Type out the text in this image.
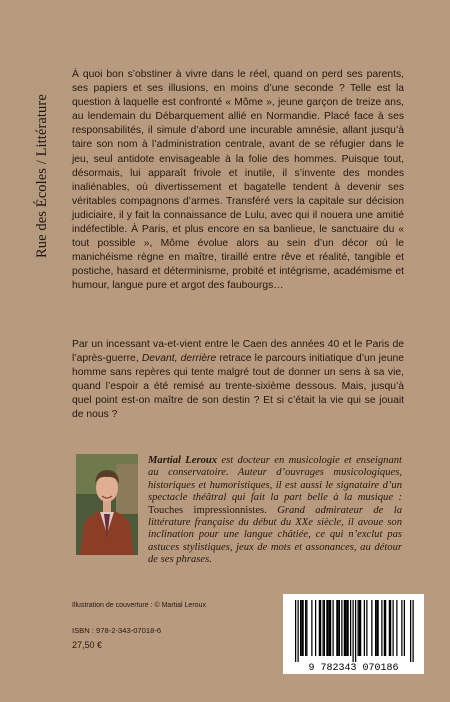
Rue des Écoles / Littérature

À quoi bon s’obstiner à vivre dans le réel, quand on perd ses parents, ses papiers et ses illusions, en moins d’une seconde ? Telle est la question à laquelle est confronté « Môme », jeune garçon de treize ans, au lendemain du Débarquement allié en Normandie. Placé face à ses responsabilités, il simule d’abord une incurable amnésie, allant jusqu’à taire son nom à l’administration centrale, avant de se réfugier dans le jeu, seul antidote envisageable à la folie des hommes. Puisque tout, désormais, lui apparaît frivole et inutile, il s’invente des mondes inaliénables, où divertissement et bagatelle tendent à devenir ses véritables compagnons d’armes. Transféré vers la capitale sur décision judiciaire, il y fait la connaissance de Lulu, avec qui il nouera une amitié indéfectible. À Paris, et plus encore en sa banlieue, le sanctuaire du « tout possible », Môme évolue alors au sein d’un décor où le manichéisme règne en maître, tiraillé entre rêve et réalité, tangible et postiche, hasard et déterminisme, probité et intégrisme, académisme et humour, langue pure et argot des faubourgs…

Par un incessant va-et-vient entre le Caen des années 40 et le Paris de l’après-guerre, Devant, derrière retrace le parcours initiatique d’un jeune homme sans repères qui tente malgré tout de donner un sens à sa vie, quand l’espoir a été remisé au trente-sixième dessous. Mais, jusqu’à quel point est-on maître de son destin ? Et si c’était la vie qui se jouait de nous ?

Martial Leroux est docteur en musicologie et enseignant au conservatoire. Auteur d’ouvrages musicologiques, historiques et humoristiques, il est aussi le signataire d’un spectacle théâtral qui fait la part belle à la musique : Touches impressionnistes. Grand admirateur de la littérature française du début du XXe siècle, il avoue son inclination pour une langue châtiée, ce qui n’exclut pas astuces stylistiques, jeux de mots et assonances, au détour de ses phrases.

Illustration de couverture : © Martial Leroux
ISBN : 978-2-343-07018-6
27,50 €
9 782343 070186
